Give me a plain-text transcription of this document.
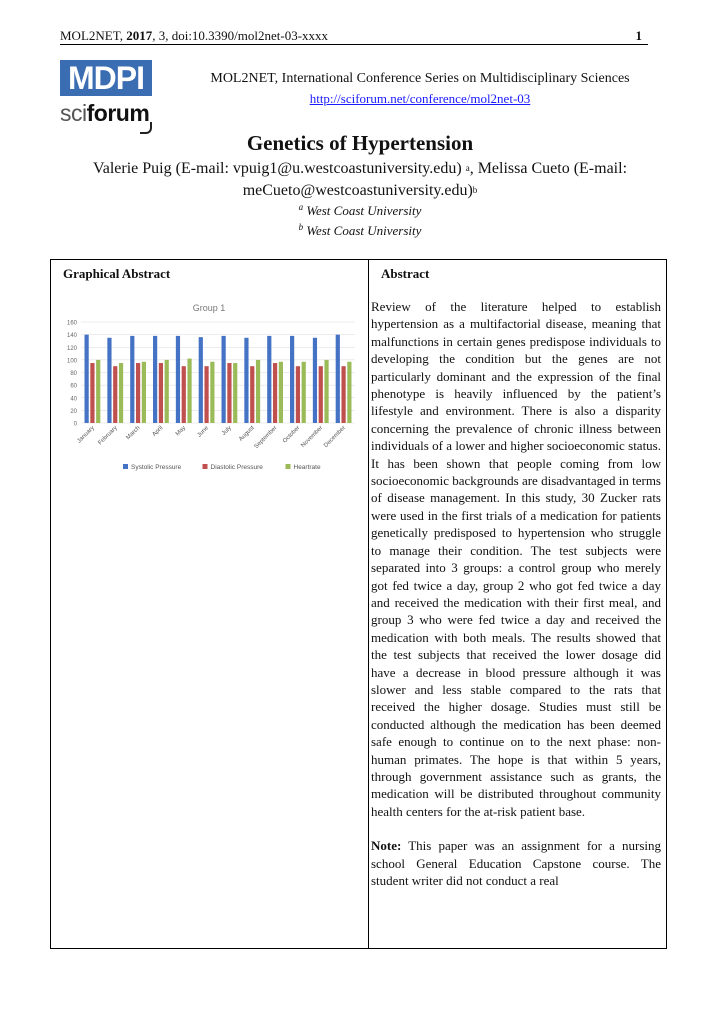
MOL2NET, 2017, 3, doi:10.3390/mol2net-03-xxxx	1
MDPI
sciforum
MOL2NET, International Conference Series on Multidisciplinary Sciences
http://sciforum.net/conference/mol2net-03
Genetics of Hypertension
Valerie Puig (E-mail: vpuig1@u.westcoastuniversity.edu) $^a$, Melissa Cueto (E-mail:
meCueto@westcoastuniversity.edu)$^b$
$^a$ West Coast University
$^b$ West Coast University
Graphical Abstract	Abstract
Group 1
0
20
40
60
80
100
120
140
160
January February March April May June July August
September October November December
Systolic Pressure	Diastolic Pressure	Heartrate

Review of the literature helped to establish hypertension as a multifactorial disease, meaning that malfunctions in certain genes predispose individuals to developing the condition but the genes are not particularly dominant and the expression of the final phenotype is heavily influenced by the patient’s lifestyle and environment. There is also a disparity concerning the prevalence of chronic illness between individuals of a lower and higher socioeconomic status. It has been shown that people coming from low socioeconomic backgrounds are disadvantaged in terms of disease management. In this study, 30 Zucker rats were used in the first trials of a medication for patients genetically predisposed to hypertension who struggle to manage their condition. The test subjects were separated into 3 groups: a control group who merely got fed twice a day, group 2 who got fed twice a day and received the medication with their first meal, and group 3 who were fed twice a day and received the medication with both meals. The results showed that the test subjects that received the lower dosage did have a decrease in blood pressure although it was slower and less stable compared to the rats that received the higher dosage. Studies must still be conducted although the medication has been deemed safe enough to continue on to the next phase: non-human primates. The hope is that within 5 years, through government assistance such as grants, the medication will be distributed throughout community health centers for the at-risk patient base.

Note: This paper was an assignment for a nursing school General Education Capstone course. The student writer did not conduct a real
